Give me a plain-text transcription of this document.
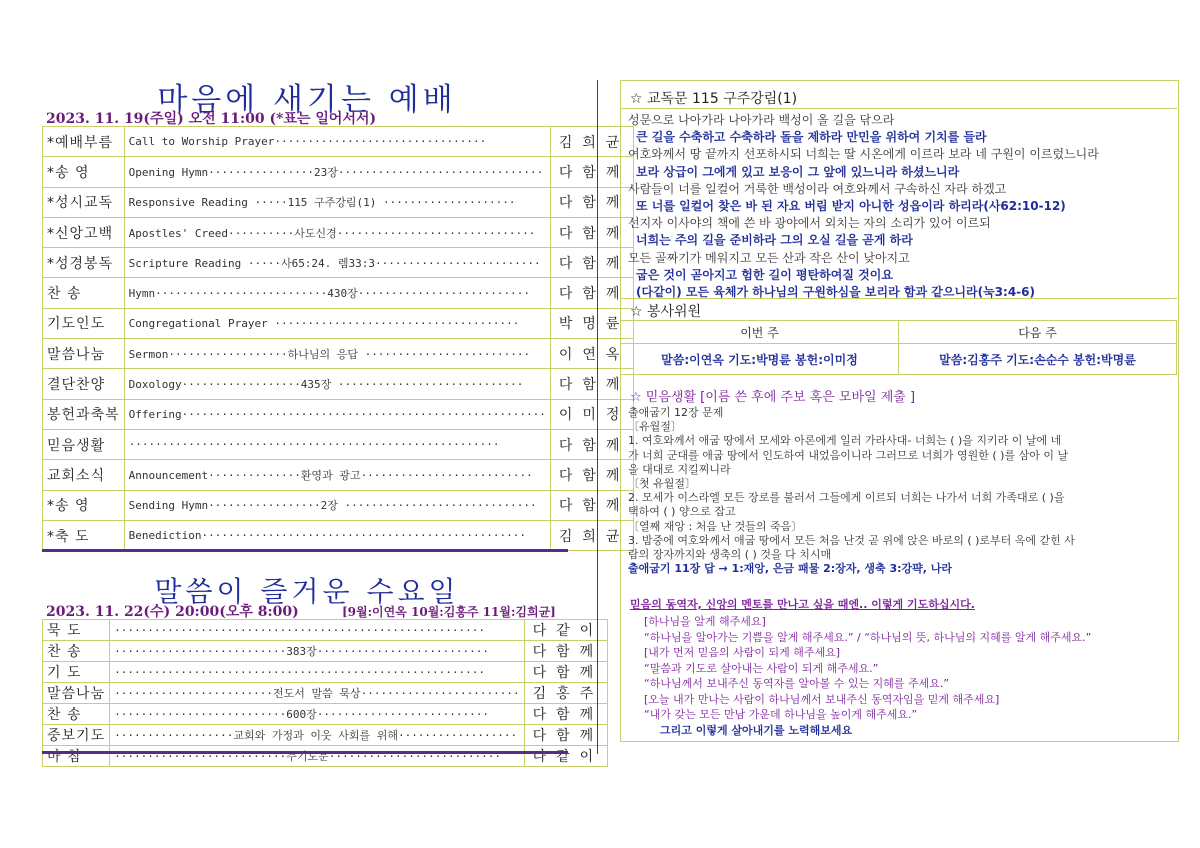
마음에 새기는 예배
2023. 11. 19(주일) 오전 11:00 (*표는 일어서서)
*예배부름	Call to Worship Prayer································	김희균
*송 영	Opening Hymn················23장·······························	다함께
*성시교독	Responsive Reading ·····115 구주강림(1) ····················	다함께
*신앙고백	Apostles' Creed··········사도신경······························	다함께
*성경봉독	Scripture Reading ·····사65:24. 렘33:3·························	다함께
찬 송	Hymn··························430장··························	다함께
기도인도	Congregational Prayer ·····································	박명륜
말씀나눔	Sermon··················하나님의 응답 ·························	이연옥
결단찬양	Doxology··················435장 ····························	다함께
봉헌과축복	Offering·······················································	이미정
믿음생활	························································	다함께
교회소식	Announcement··············환영과 광고··························	다함께
*송 영	Sending Hymn·················2장 ·····························	다함께
*축 도	Benediction·················································	김희균
말씀이 즐거운 수요일
2023. 11. 22(수) 20:00(오후 8:00)	[9월:이연옥 10월:김홍주 11월:김희균]
묵 도	························································	다같이
찬 송	··························383장··························	다함께
기 도	························································	다함께
말씀나눔	························전도서 말씀 묵상························	김홍주
찬 송	··························600장··························	다함께
중보기도	··················교회와 가정과 이웃 사회를 위해··················	다함께
마 침	··························주기도문··························	다같이
☆ 교독문 115 구주강림(1)
성문으로 나아가라 나아가라 백성이 올 길을 닦으라
큰 길을 수축하고 수축하라 돌을 제하라 만민을 위하여 기치를 들라
여호와께서 땅 끝까지 선포하시되 너희는 딸 시온에게 이르라 보라 네 구원이 이르렀느니라
보라 상급이 그에게 있고 보응이 그 앞에 있느니라 하셨느니라
사람들이 너를 일컬어 거룩한 백성이라 여호와께서 구속하신 자라 하겠고
또 너를 일컬어 찾은 바 된 자요 버림 받지 아니한 성읍이라 하리라(사62:10-12)
선지자 이사야의 책에 쓴 바 광야에서 외치는 자의 소리가 있어 이르되
너희는 주의 길을 준비하라 그의 오실 길을 곧게 하라
모든 골짜기가 메워지고 모든 산과 작은 산이 낮아지고
굽은 것이 곧아지고 험한 길이 평탄하여질 것이요
(다같이) 모든 육체가 하나님의 구원하심을 보리라 함과 같으니라(눅3:4-6)
☆ 봉사위원
이번 주	다음 주
말씀:이연옥 기도:박명륜 봉헌:이미정	말씀:김홍주 기도:손순수 봉헌:박명륜
☆ 믿음생활 [이름 쓴 후에 주보 혹은 모바일 제출 ]
출애굽기 12장 문제
〔유월절〕
1. 여호와께서 애굽 땅에서 모세와 아론에게 일러 가라사대- 너희는 ( )을 지키라 이 날에 네
가 너희 군대를 애굽 땅에서 인도하여 내었음이니라 그러므로 너희가 영원한 ( )를 삼아 이 날
을 대대로 지킬찌니라
〔첫 유월절〕
2. 모세가 이스라엘 모든 장로를 불러서 그들에게 이르되 너희는 나가서 너희 가족대로 ( )을
택하여 ( ) 양으로 잡고
〔열째 재앙 : 처음 난 것들의 죽음〕
3. 밤중에 여호와께서 애굽 땅에서 모든 처음 난것 곧 위에 앉은 바로의 ( )로부터 옥에 갇힌 사
람의 장자까지와 생축의 ( ) 것을 다 치시매
출애굽기 11장 답 → 1:재앙, 은금 패물 2:장자, 생축 3:강퍅, 나라
믿음의 동역자, 신앙의 멘토를 만나고 싶을 때엔.. 이렇게 기도하십시다.
[하나님을 알게 해주세요]
“하나님을 알아가는 기쁨을 알게 해주세요.” / “하나님의 뜻, 하나님의 지혜를 알게 해주세요.”
[내가 먼저 믿음의 사람이 되게 해주세요]
“말씀과 기도로 살아내는 사람이 되게 해주세요.”
“하나님께서 보내주신 동역자를 알아볼 수 있는 지혜를 주세요.”
[오늘 내가 만나는 사람이 하나님께서 보내주신 동역자임을 믿게 해주세요]
“내가 갖는 모든 만남 가운데 하나님을 높이게 해주세요.”
그리고 이렇게 살아내기를 노력해보세요
